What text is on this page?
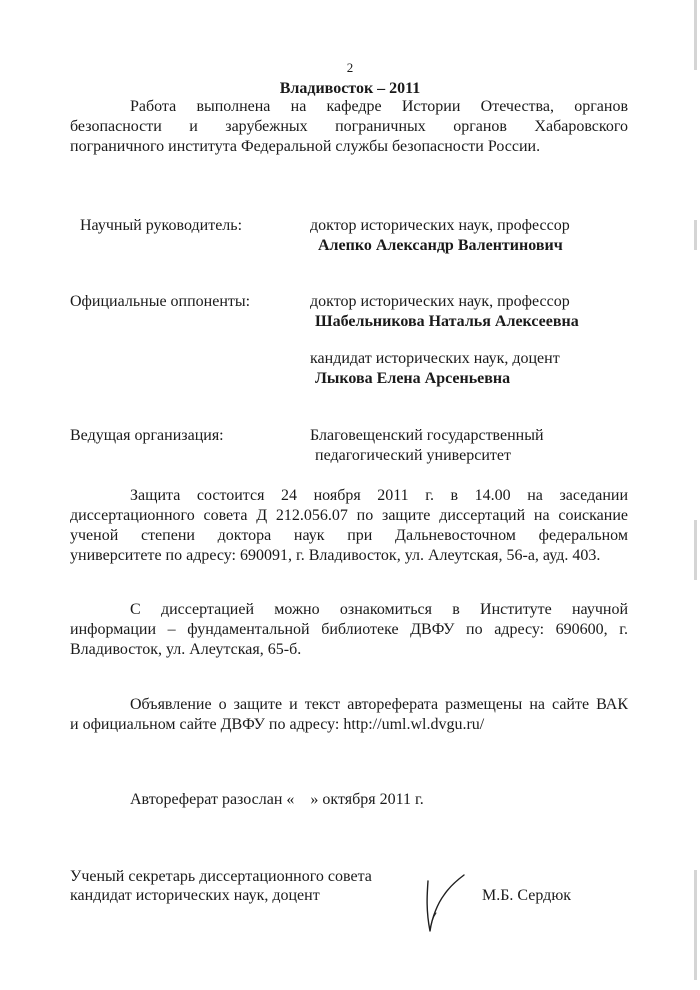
2
Владивосток – 2011
Работа выполнена на кафедре Истории Отечества, органов
безопасности и зарубежных пограничных органов Хабаровского
пограничного института Федеральной службы безопасности России.
Научный руководитель:	доктор исторических наук, профессор
Алепко Александр Валентинович
Официальные оппоненты:	доктор исторических наук, профессор
Шабельникова Наталья Алексеевна
кандидат исторических наук, доцент
Лыкова Елена Арсеньевна
Ведущая организация:	Благовещенский государственный
педагогический университет
Защита состоится 24 ноября 2011 г. в 14.00 на заседании
диссертационного совета Д 212.056.07 по защите диссертаций на соискание
ученой степени доктора наук при Дальневосточном федеральном
университете по адресу: 690091, г. Владивосток, ул. Алеутская, 56-а, ауд. 403.
С диссертацией можно ознакомиться в Институте научной
информации – фундаментальной библиотеке ДВФУ по адресу: 690600, г.
Владивосток, ул. Алеутская, 65-б.
Объявление о защите и текст автореферата размещены на сайте ВАК
и официальном сайте ДВФУ по адресу: http://uml.wl.dvgu.ru/
Автореферат разослан «    » октября 2011 г.
Ученый секретарь диссертационного совета
кандидат исторических наук, доцент	М.Б. Сердюк
